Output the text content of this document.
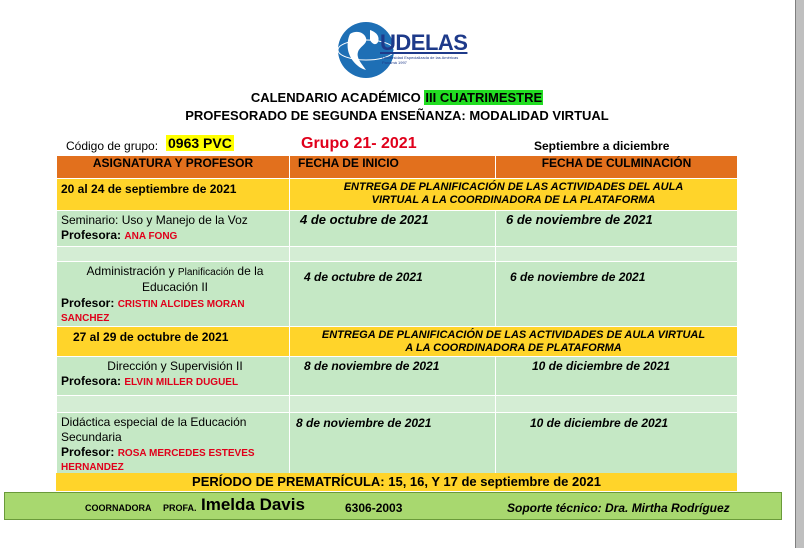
UDELAS
Universidad Especializada de las Américas Panamá 1997
CALENDARIO ACADÉMICO III CUATRIMESTRE
PROFESORADO DE SEGUNDA ENSEÑANZA: MODALIDAD VIRTUAL
Código de grupo: 0963 PVC	Grupo 21- 2021	Septiembre a diciembre
ASIGNATURA Y PROFESOR	FECHA DE INICIO	FECHA DE CULMINACIÓN
20 al 24 de septiembre de 2021	ENTREGA DE PLANIFICACIÓN DE LAS ACTIVIDADES DEL AULA
VIRTUAL A LA COORDINADORA DE LA PLATAFORMA	

Seminario: Uso y Manejo de la Voz
Profesora: ANA FONG	4 de octubre de 2021	6 de noviembre de 2021

Administración y Planificación de la
Educación II
Profesor: CRISTIN ALCIDES MORAN SANCHEZ	4 de octubre de 2021	6 de noviembre de 2021
27 al 29 de octubre de 2021	ENTREGA DE PLANIFICACIÓN DE LAS ACTIVIDADES DE AULA VIRTUAL
A LA COORDINADORA DE PLATAFORMA	

Dirección y Supervisión II
Profesora: ELVIN MILLER DUGUEL	8 de noviembre de 2021	10 de diciembre de 2021

Didáctica especial de la Educación
Secundaria
Profesor: ROSA MERCEDES ESTEVES HERNANDEZ	8 de noviembre de 2021	10 de diciembre de 2021
PERÍODO DE PREMATRÍCULA: 15, 16, Y 17 de septiembre de 2021
COORNADORA PROFA. Imelda Davis	6306-2003	Soporte técnico: Dra. Mirtha Rodríguez
